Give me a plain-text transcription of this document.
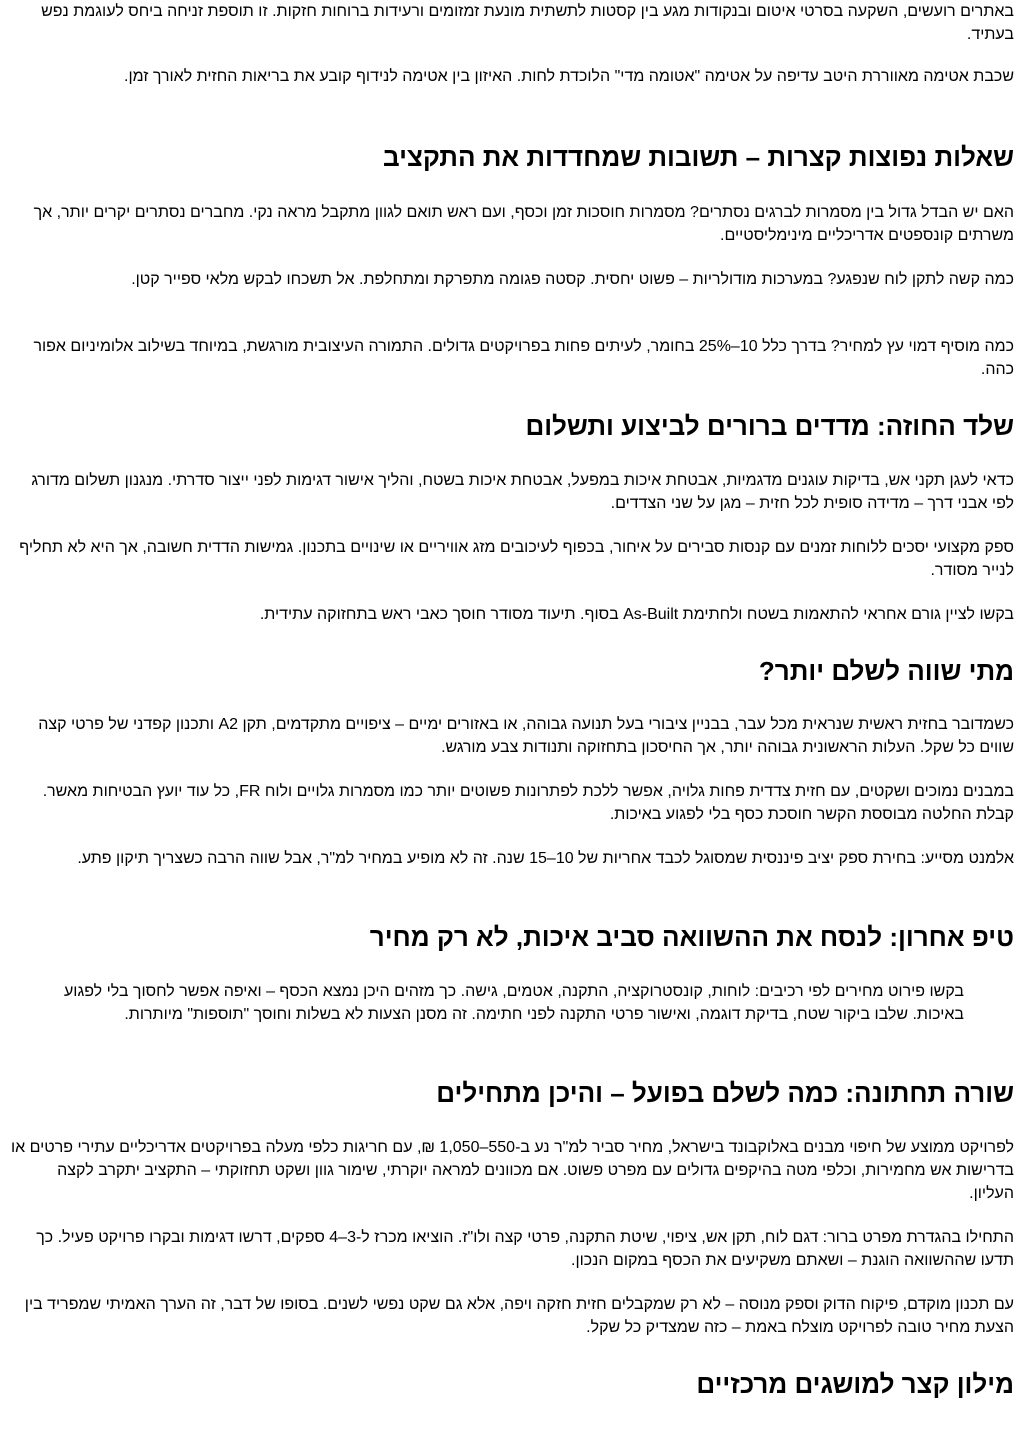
באתרים רועשים, השקעה בסרטי איטום ובנקודות מגע בין קסטות לתשתית מונעת זמזומים ורעידות ברוחות חזקות. זו תוספת זניחה ביחס לעוגמת נפש בעתיד.

שכבת אטימה מאווררת היטב עדיפה על אטימה "אטומה מדי" הלוכדת לחות. האיזון בין אטימה לנידוף קובע את בריאות החזית לאורך זמן.

שאלות נפוצות קצרות – תשובות שמחדדות את התקציב

האם יש הבדל גדול בין מסמרות לברגים נסתרים? מסמרות חוסכות זמן וכסף, ועם ראש תואם לגוון מתקבל מראה נקי. מחברים נסתרים יקרים יותר, אך משרתים קונספטים אדריכליים מינימליסטיים.

כמה קשה לתקן לוח שנפגע? במערכות מודולריות – פשוט יחסית. קסטה פגומה מתפרקת ומתחלפת. אל תשכחו לבקש מלאי ספייר קטן.

כמה מוסיף דמוי עץ למחיר? בדרך כלל 10–25% בחומר, לעיתים פחות בפרויקטים גדולים. התמורה העיצובית מורגשת, במיוחד בשילוב אלומיניום אפור כהה.

שלד החוזה: מדדים ברורים לביצוע ותשלום

כדאי לעגן תקני אש, בדיקות עוגנים מדגמיות, אבטחת איכות במפעל, אבטחת איכות בשטח, והליך אישור דגימות לפני ייצור סדרתי. מנגנון תשלום מדורג לפי אבני דרך – מדידה סופית לכל חזית – מגן על שני הצדדים.

ספק מקצועי יסכים ללוחות זמנים עם קנסות סבירים על איחור, בכפוף לעיכובים מזג אוויריים או שינויים בתכנון. גמישות הדדית חשובה, אך היא לא תחליף לנייר מסודר.

בקשו לציין גורם אחראי להתאמות בשטח ולחתימת As-Built בסוף. תיעוד מסודר חוסך כאבי ראש בתחזוקה עתידית.

מתי שווה לשלם יותר?

כשמדובר בחזית ראשית שנראית מכל עבר, בבניין ציבורי בעל תנועה גבוהה, או באזורים ימיים – ציפויים מתקדמים, תקן A2 ותכנון קפדני של פרטי קצה שווים כל שקל. העלות הראשונית גבוהה יותר, אך החיסכון בתחזוקה ותנודות צבע מורגש.

במבנים נמוכים ושקטים, עם חזית צדדית פחות גלויה, אפשר ללכת לפתרונות פשוטים יותר כמו מסמרות גלויים ולוח FR, כל עוד יועץ הבטיחות מאשר. קבלת החלטה מבוססת הקשר חוסכת כסף בלי לפגוע באיכות.

אלמנט מסייע: בחירת ספק יציב פיננסית שמסוגל לכבד אחריות של 10–15 שנה. זה לא מופיע במחיר למ"ר, אבל שווה הרבה כשצריך תיקון פתע.

טיפ אחרון: לנסח את ההשוואה סביב איכות, לא רק מחיר

בקשו פירוט מחירים לפי רכיבים: לוחות, קונסטרוקציה, התקנה, אטמים, גישה. כך מזהים היכן נמצא הכסף – ואיפה אפשר לחסוך בלי לפגוע באיכות. שלבו ביקור שטח, בדיקת דוגמה, ואישור פרטי התקנה לפני חתימה. זה מסנן הצעות לא בשלות וחוסך "תוספות" מיותרות.

שורה תחתונה: כמה לשלם בפועל – והיכן מתחילים

לפרויקט ממוצע של חיפוי מבנים באלוקבונד בישראל, מחיר סביר למ"ר נע ב-550–1,050 ₪, עם חריגות כלפי מעלה בפרויקטים אדריכליים עתירי פרטים או בדרישות אש מחמירות, וכלפי מטה בהיקפים גדולים עם מפרט פשוט. אם מכוונים למראה יוקרתי, שימור גוון ושקט תחזוקתי – התקציב יתקרב לקצה העליון.

התחילו בהגדרת מפרט ברור: דגם לוח, תקן אש, ציפוי, שיטת התקנה, פרטי קצה ולו"ז. הוציאו מכרז ל-3–4 ספקים, דרשו דגימות ובקרו פרויקט פעיל. כך תדעו שההשוואה הוגנת – ושאתם משקיעים את הכסף במקום הנכון.

עם תכנון מוקדם, פיקוח הדוק וספק מנוסה – לא רק שמקבלים חזית חזקה ויפה, אלא גם שקט נפשי לשנים. בסופו של דבר, זה הערך האמיתי שמפריד בין הצעת מחיר טובה לפרויקט מוצלח באמת – כזה שמצדיק כל שקל.

מילון קצר למושגים מרכזיים
